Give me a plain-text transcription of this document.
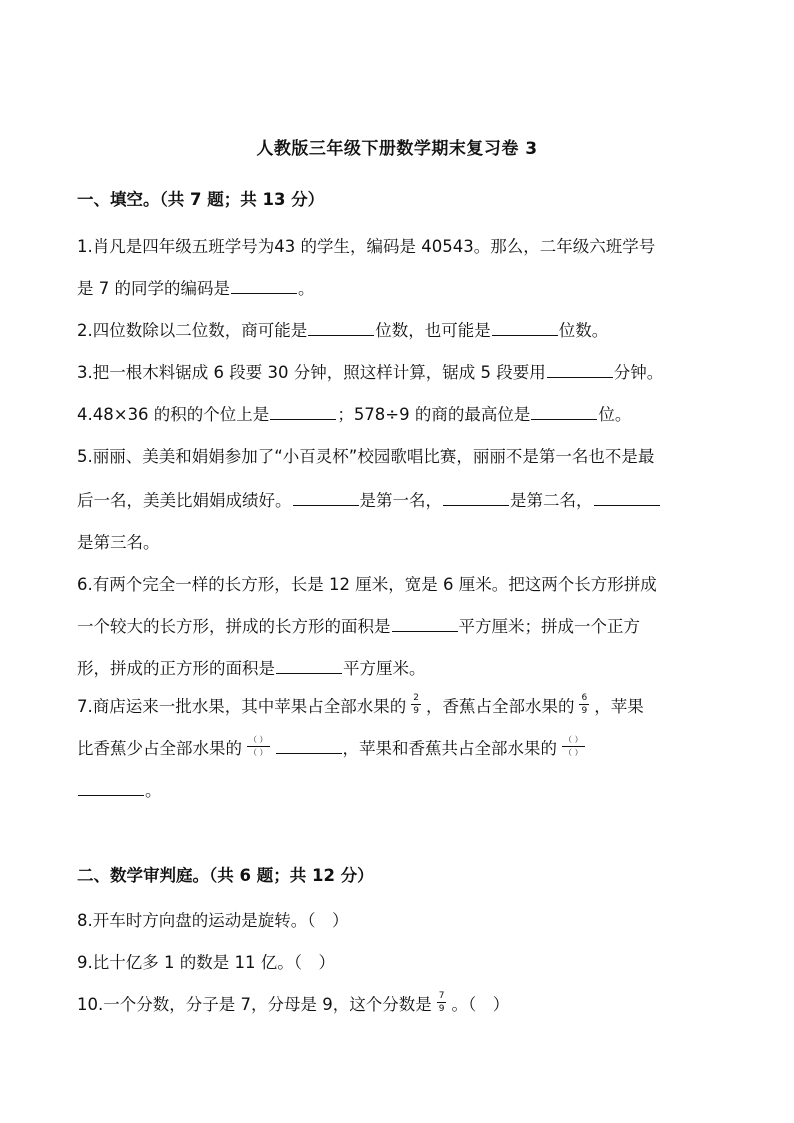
人教版三年级下册数学期末复习卷 3
一、填空。（共 7 题；共 13 分）
1.肖凡是四年级五班学号为43 的学生，编码是 40543。那么，二年级六班学号
是 7 的同学的编码是	。
2.四位数除以二位数，商可能是	位数，也可能是	位数。
3.把一根木料锯成 6 段要 30 分钟，照这样计算，锯成 5 段要用	分钟。
4.48×36 的积的个位上是	；578÷9 的商的最高位是	位。
5.丽丽、美美和娟娟参加了“小百灵杯”校园歌唱比赛，丽丽不是第一名也不是最
后一名，美美比娟娟成绩好。	是第一名，	是第二名，
是第三名。
6.有两个完全一样的长方形，长是 12 厘米，宽是 6 厘米。把这两个长方形拼成
一个较大的长方形，拼成的长方形的面积是	平方厘米；拼成一个正方
形，拼成的正方形的面积是	平方厘米。
7.商店运来一批水果，其中苹果占全部水果的 $\frac{2}{9}$ ，香蕉占全部水果的 $\frac{6}{9}$ ，苹果
比香蕉少占全部水果的 $\frac{( )}{( )}$	，苹果和香蕉共占全部水果的 $\frac{( )}{( )}$
。
二、数学审判庭。（共 6 题；共 12 分）
8.开车时方向盘的运动是旋转。（　）
9.比十亿多 1 的数是 11 亿。（　）
10.一个分数，分子是 7，分母是 9，这个分数是 $\frac{7}{9}$ 。（　）
